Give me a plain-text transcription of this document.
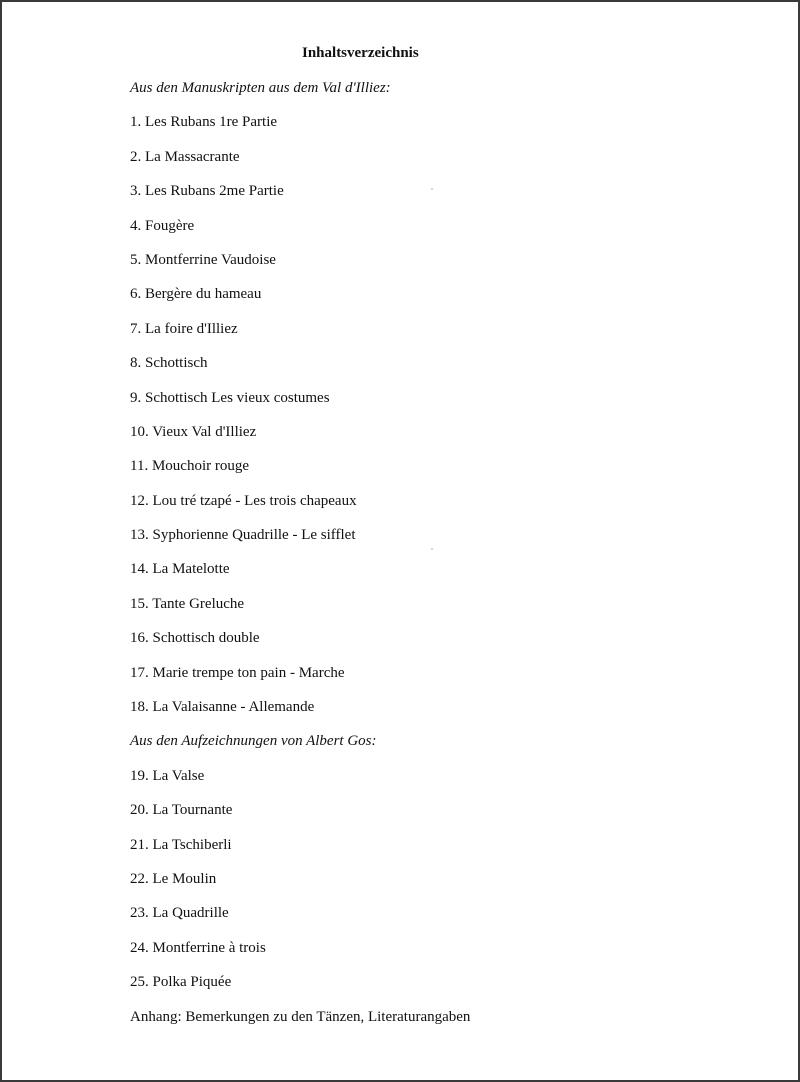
Inhaltsverzeichnis
Aus den Manuskripten aus dem Val d'Illiez:
1. Les Rubans 1re Partie
2. La Massacrante
3. Les Rubans 2me Partie
4. Fougère
5. Montferrine Vaudoise
6. Bergère du hameau
7. La foire d'Illiez
8. Schottisch
9. Schottisch Les vieux costumes
10. Vieux Val d'Illiez
11. Mouchoir rouge
12. Lou tré tzapé - Les trois chapeaux
13. Syphorienne Quadrille - Le sifflet
14. La Matelotte
15. Tante Greluche
16. Schottisch double
17. Marie trempe ton pain - Marche
18. La Valaisanne - Allemande
Aus den Aufzeichnungen von Albert Gos:
19. La Valse
20. La Tournante
21. La Tschiberli
22. Le Moulin
23. La Quadrille
24. Montferrine à trois
25. Polka Piquée
Anhang: Bemerkungen zu den Tänzen, Literaturangaben
